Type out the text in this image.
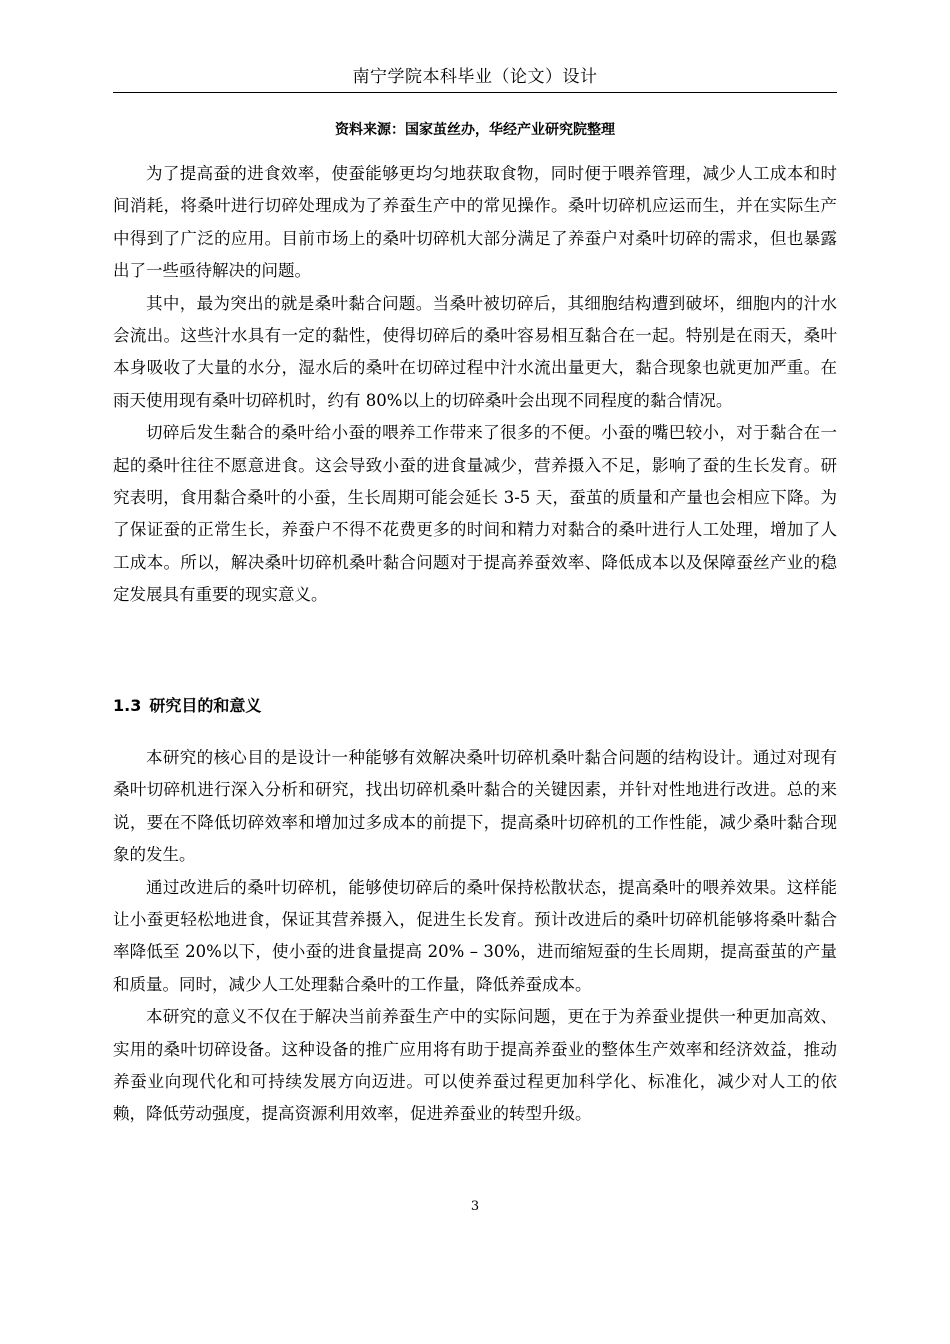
南宁学院本科毕业（论文）设计
资料来源：国家茧丝办，华经产业研究院整理

为了提高蚕的进食效率，使蚕能够更均匀地获取食物，同时便于喂养管理，减少人工成本和时间消耗，将桑叶进行切碎处理成为了养蚕生产中的常见操作。桑叶切碎机应运而生，并在实际生产中得到了广泛的应用。目前市场上的桑叶切碎机大部分满足了养蚕户对桑叶切碎的需求，但也暴露出了一些亟待解决的问题。

其中，最为突出的就是桑叶黏合问题。当桑叶被切碎后，其细胞结构遭到破坏，细胞内的汁水会流出。这些汁水具有一定的黏性，使得切碎后的桑叶容易相互黏合在一起。特别是在雨天，桑叶本身吸收了大量的水分，湿水后的桑叶在切碎过程中汁水流出量更大，黏合现象也就更加严重。在雨天使用现有桑叶切碎机时，约有 80%以上的切碎桑叶会出现不同程度的黏合情况。

切碎后发生黏合的桑叶给小蚕的喂养工作带来了很多的不便。小蚕的嘴巴较小，对于黏合在一起的桑叶往往不愿意进食。这会导致小蚕的进食量减少，营养摄入不足，影响了蚕的生长发育。研究表明，食用黏合桑叶的小蚕，生长周期可能会延长 3-5 天，蚕茧的质量和产量也会相应下降。为了保证蚕的正常生长，养蚕户不得不花费更多的时间和精力对黏合的桑叶进行人工处理，增加了人工成本。所以，解决桑叶切碎机桑叶黏合问题对于提高养蚕效率、降低成本以及保障蚕丝产业的稳定发展具有重要的现实意义。

1.3 研究目的和意义

本研究的核心目的是设计一种能够有效解决桑叶切碎机桑叶黏合问题的结构设计。通过对现有桑叶切碎机进行深入分析和研究，找出切碎机桑叶黏合的关键因素，并针对性地进行改进。总的来说，要在不降低切碎效率和增加过多成本的前提下，提高桑叶切碎机的工作性能，减少桑叶黏合现象的发生。

通过改进后的桑叶切碎机，能够使切碎后的桑叶保持松散状态，提高桑叶的喂养效果。这样能让小蚕更轻松地进食，保证其营养摄入，促进生长发育。预计改进后的桑叶切碎机能够将桑叶黏合率降低至 20%以下，使小蚕的进食量提高 20% – 30%，进而缩短蚕的生长周期，提高蚕茧的产量和质量。同时，减少人工处理黏合桑叶的工作量，降低养蚕成本。

本研究的意义不仅在于解决当前养蚕生产中的实际问题，更在于为养蚕业提供一种更加高效、实用的桑叶切碎设备。这种设备的推广应用将有助于提高养蚕业的整体生产效率和经济效益，推动养蚕业向现代化和可持续发展方向迈进。可以使养蚕过程更加科学化、标准化，减少对人工的依赖，降低劳动强度，提高资源利用效率，促进养蚕业的转型升级。

3
